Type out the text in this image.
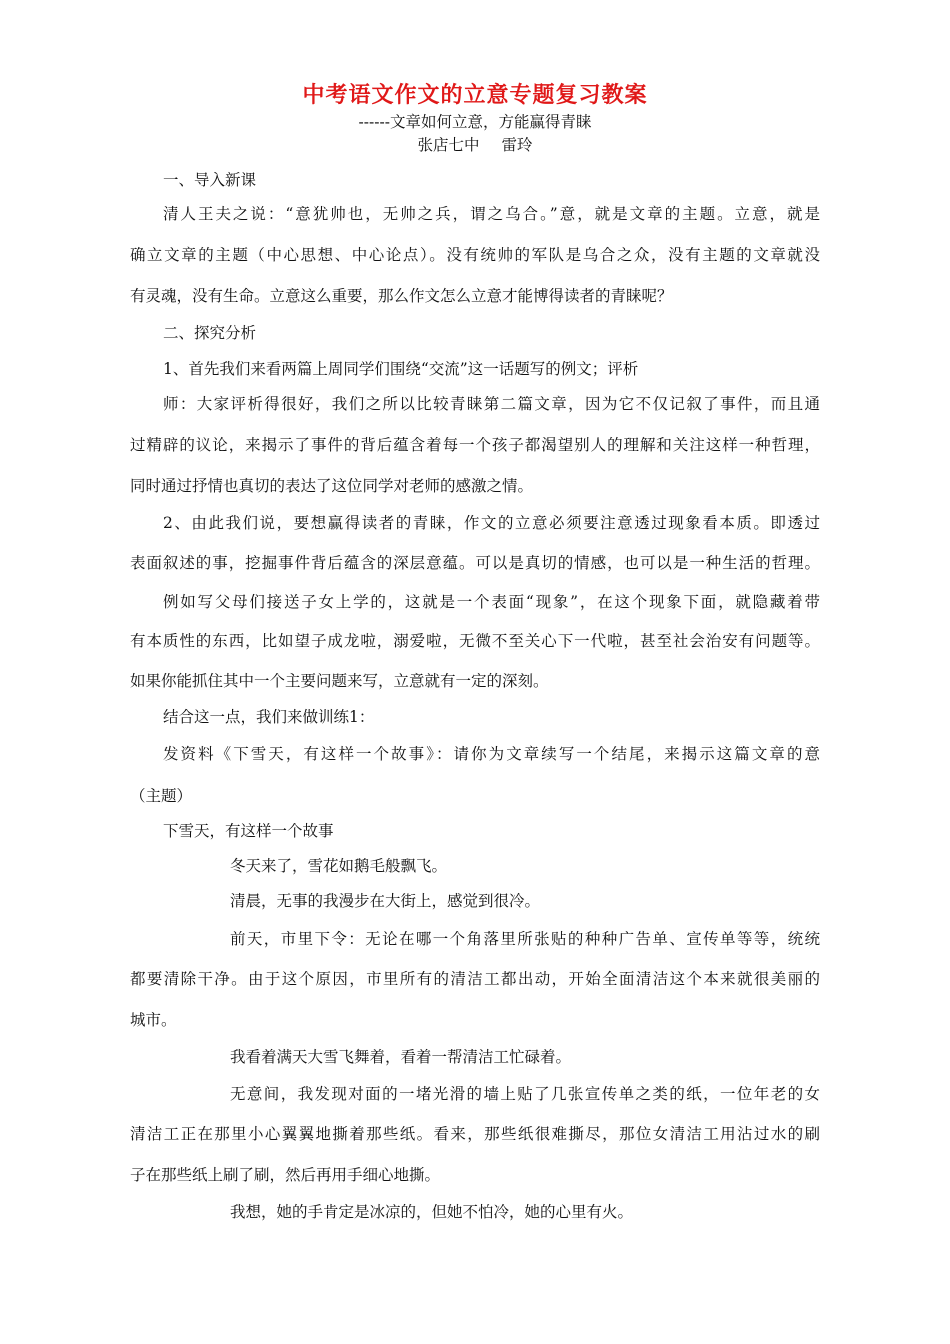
中考语文作文的立意专题复习教案
------文章如何立意，方能赢得青睐
张店七中 雷玲
一、导入新课
清人王夫之说：“意犹帅也，无帅之兵，谓之乌合。”意，就是文章的主题。立意，就是
确立文章的主题（中心思想、中心论点）。没有统帅的军队是乌合之众，没有主题的文章就没
有灵魂，没有生命。立意这么重要，那么作文怎么立意才能博得读者的青睐呢？
二、探究分析
1、首先我们来看两篇上周同学们围绕“交流”这一话题写的例文；评析
师：大家评析得很好，我们之所以比较青睐第二篇文章，因为它不仅记叙了事件，而且通
过精辟的议论，来揭示了事件的背后蕴含着每一个孩子都渴望别人的理解和关注这样一种哲理，
同时通过抒情也真切的表达了这位同学对老师的感激之情。
2、由此我们说，要想赢得读者的青睐，作文的立意必须要注意透过现象看本质。即透过
表面叙述的事，挖掘事件背后蕴含的深层意蕴。可以是真切的情感，也可以是一种生活的哲理。
例如写父母们接送子女上学的，这就是一个表面“现象”，在这个现象下面，就隐藏着带
有本质性的东西，比如望子成龙啦，溺爱啦，无微不至关心下一代啦，甚至社会治安有问题等。
如果你能抓住其中一个主要问题来写，立意就有一定的深刻。
结合这一点，我们来做训练1：
发资料《下雪天，有这样一个故事》：请你为文章续写一个结尾，来揭示这篇文章的意
（主题）
下雪天，有这样一个故事
冬天来了，雪花如鹅毛般飘飞。
清晨，无事的我漫步在大街上，感觉到很冷。
前天，市里下令：无论在哪一个角落里所张贴的种种广告单、宣传单等等，统统
都要清除干净。由于这个原因，市里所有的清洁工都出动，开始全面清洁这个本来就很美丽的
城市。
我看着满天大雪飞舞着，看着一帮清洁工忙碌着。
无意间，我发现对面的一堵光滑的墙上贴了几张宣传单之类的纸，一位年老的女
清洁工正在那里小心翼翼地撕着那些纸。看来，那些纸很难撕尽，那位女清洁工用沾过水的刷
子在那些纸上刷了刷，然后再用手细心地撕。
我想，她的手肯定是冰凉的，但她不怕冷，她的心里有火。
